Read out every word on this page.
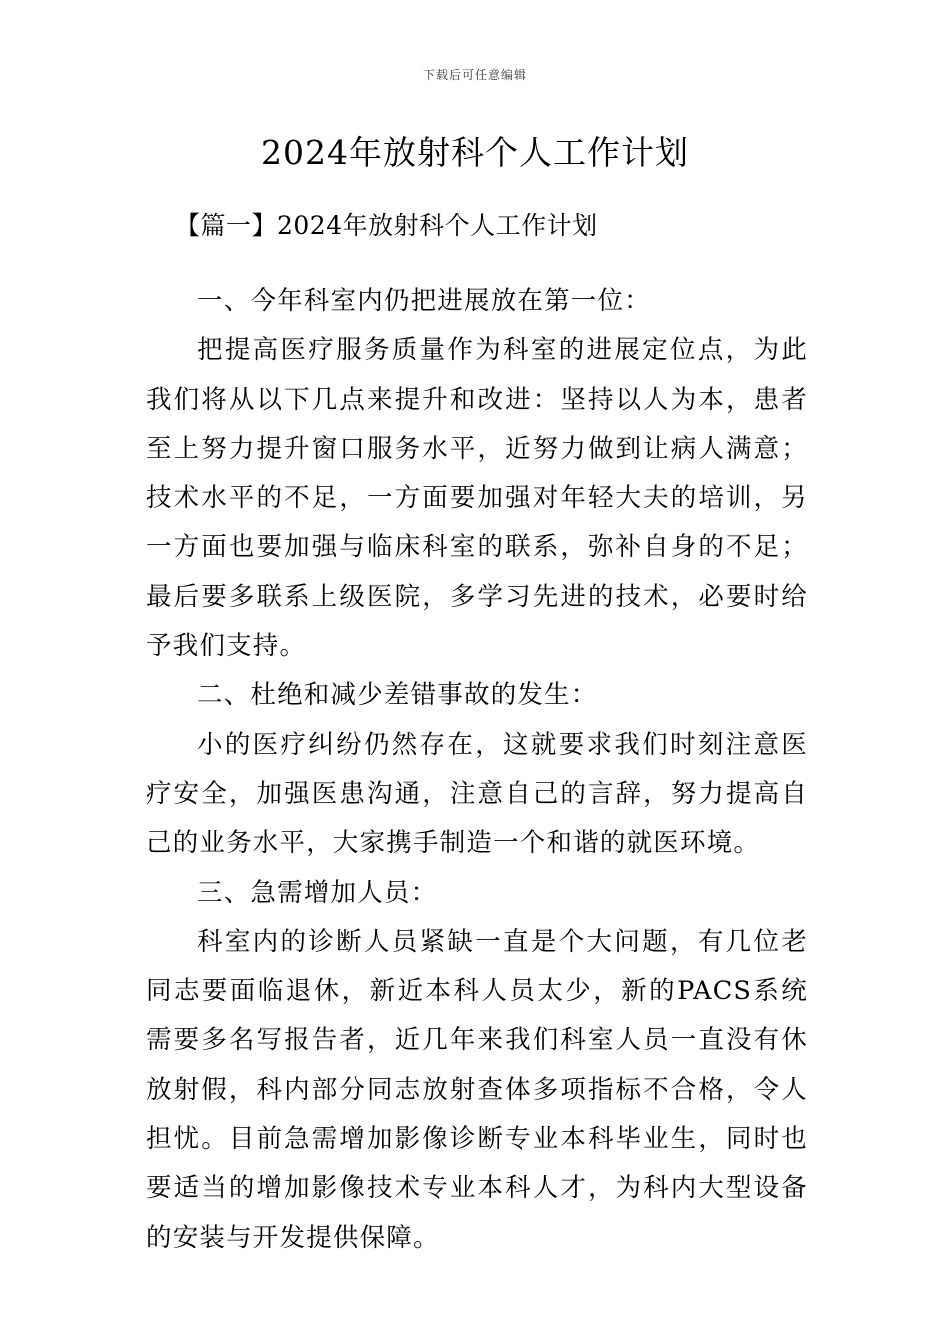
下载后可任意编辑
2024年放射科个人工作计划
【篇一】2024年放射科个人工作计划

一、今年科室内仍把进展放在第一位：

把提高医疗服务质量作为科室的进展定位点，为此我们将从以下几点来提升和改进：坚持以人为本，患者至上努力提升窗口服务水平，近努力做到让病人满意；技术水平的不足，一方面要加强对年轻大夫的培训，另一方面也要加强与临床科室的联系，弥补自身的不足；最后要多联系上级医院，多学习先进的技术，必要时给予我们支持。

二、杜绝和减少差错事故的发生：

小的医疗纠纷仍然存在，这就要求我们时刻注意医疗安全，加强医患沟通，注意自己的言辞，努力提高自己的业务水平，大家携手制造一个和谐的就医环境。

三、急需增加人员：

科室内的诊断人员紧缺一直是个大问题，有几位老同志要面临退休，新近本科人员太少，新的PACS系统需要多名写报告者，近几年来我们科室人员一直没有休放射假，科内部分同志放射查体多项指标不合格，令人担忧。目前急需增加影像诊断专业本科毕业生，同时也要适当的增加影像技术专业本科人才，为科内大型设备的安装与开发提供保障。
